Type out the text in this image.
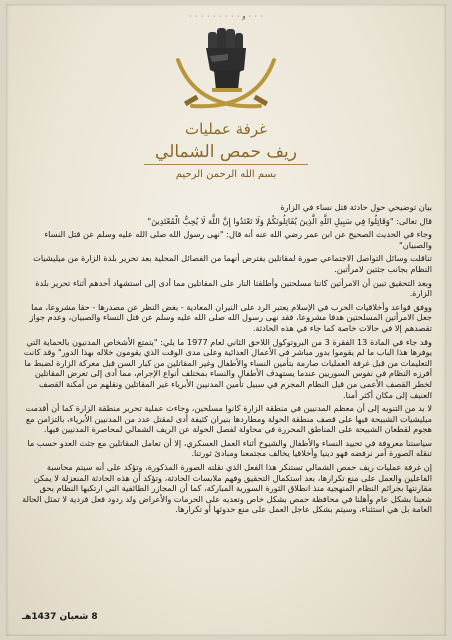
٠ ٠ ٠ و ٠ ٠ ٠ ٠ ٠ ٠ ٠ ٠ ٠
غرفة عمليات
ريف حمص الشمالي
بسم الله الرحمن الرحيم

بيان توضيحي حول حادثة قتل نساء في الزارة

قال تعالى: "وَقَاتِلُوا فِي سَبِيلِ اللَّهِ الَّذِينَ يُقَاتِلُونَكُمْ وَلَا تَعْتَدُوا إِنَّ اللَّهَ لَا يُحِبُّ الْمُعْتَدِينَ"

وجاء في الحديث الصحيح عن ابن عمر رضي الله عنه أنه قال: "نهى رسول الله صلى الله عليه وسلم عن قتل النساء والصبيان"

تناقلت وسائل التواصل الاجتماعي صورة لمقاتلين يفترض أنهما من الفصائل المحلية بعد تحرير بلدة الزارة من ميليشيات النظام بجانب جثتين لامرأتين.

وبعد التحقيق تبين أن الامرأتين كانتا مسلحتين وأطلقتا النار على المقاتلين مما أدى إلى استشهاد أحدهم أثناء تحرير بلدة الزارة.

ووفق قواعد وأخلاقيات الحرب في الإسلام يعتبر الرد على النيران المعادية - بغض النظر عن مصدرها - حقا مشروعا، مما جعل الامرأتين المسلحتين هدفا مشروعا، فقد نهى رسول الله صلى الله عليه وسلم عن قتل النساء والصبيان، وعدم جواز تقصدهم إلا في حالات خاصة كما جاء في هذه الحادثة.

وقد جاء في المادة 13 الفقرة 3 من البروتوكول اللاحق الثاني لعام 1977 ما يلي: "يتمتع الأشخاص المدنيون بالحماية التي يوفرها هذا الباب ما لم يقوموا بدور مباشر في الأعمال العدائية وعلى مدى الوقت الذي يقومون خلاله بهذا الدور" وقد كانت التعليمات من قبل غرفة العمليات صارمة بتأمين النساء والأطفال وغير المقاتلين من كبار السن قبل معركة الزارة لضبط ما أفرزه النظام في نفوس السوريين عندما يستهدف الأطفال والنساء بمختلف أنواع الإجرام، مما أدى إلى تعرض المقاتلين لخطر القصف الأعمى من قبل النظام المجرم في سبيل تأمين المدنيين الأبرياء غير المقاتلين ونقلهم من أمكنة القصف العنيف إلى مكان أكثر أمنا.

لا بد من التنويه إلى أن معظم المدنيين في منطقة الزارة كانوا مسلحين، وجاءت عملية تحرير منطقة الزارة كما أن أقدمت ميليشيات الشبيحة فيها على قصف منطقة الحولة ومطاردها بنيران كثيفة أدى لمقتل عدد من المدنيين الأبرياء، بالتزامن مع هجوم لقطعان الشبيحة على المناطق المحررة في محاولة لفصل الحولة عن الريف الشمالي لمحاصرة المدنيين فيها.

سياستنا معروفة في تحييد النساء والأطفال والشيوخ أثناء العمل العسكري، إلا أن تعامل المقاتلين مع جثث العدو حسب ما تنقله الصورة أمر نرفضه فهو دينيا وأخلاقيا يخالف مجتمعنا ومبادئ ثورتنا.

إن غرفة عمليات ريف حمص الشمالي تستنكر هذا الفعل الذي نقلته الصورة المذكورة، وتؤكد على أنه سيتم محاسبة الفاعلين والعمل على منع تكرارها، بعد استكمال التحقيق وفهم ملابسات الحادثة، وتؤكد أن هذه الحادثة المنعزلة لا يمكن مقارنتها بجرائم النظام المنهجية منذ انطلاق الثورة السورية المباركة، كما أن المجازر الطائفية التي ارتكبها النظام بحق شعبنا بشكل عام وأهلنا في محافظة حمص بشكل خاص وتعديه على الحرمات والأعراض ولد ردود فعل فردية لا تمثل الحالة العامة بل هي استثناء، وسيتم بشكل عاجل العمل على منع حدوثها أو تكرارها.

8 شعبان 1437هـ
